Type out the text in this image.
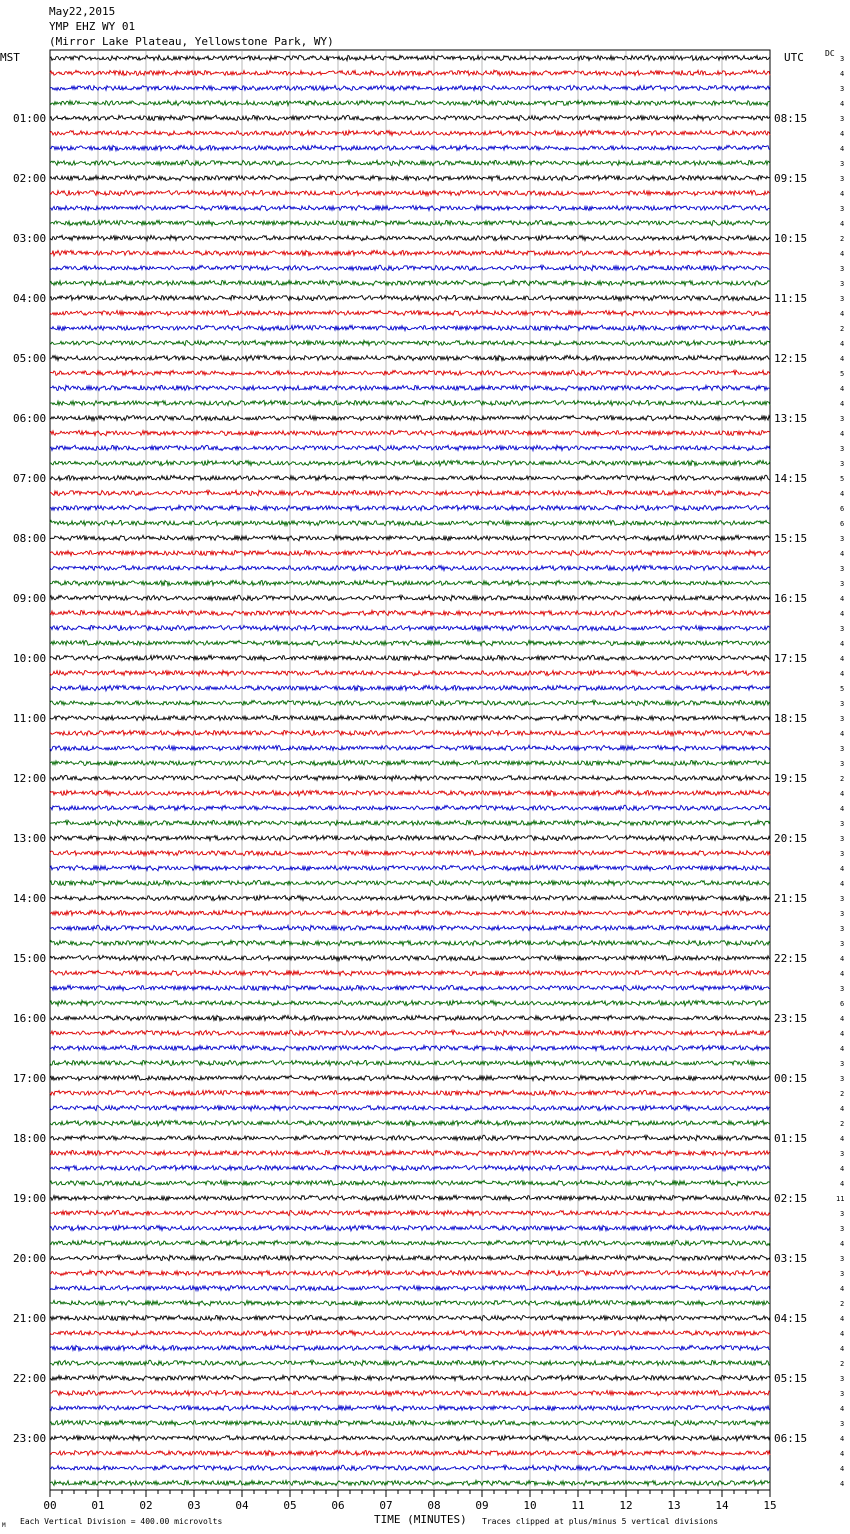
May22,2015
YMP EHZ WY 01
(Mirror Lake Plateau, Yellowstone Park, WY)
MST	UTC	DC
01:00
02:00
03:00
04:00
05:00
06:00
07:00
08:00
09:00
10:00
11:00
12:00
13:00
14:00
15:00
16:00
17:00
18:00
19:00
20:00
21:00
22:00
23:00
08:15
09:15
10:15
11:15
12:15
13:15
14:15
15:15
16:15
17:15
18:15
19:15
20:15
21:15
22:15
23:15
00:15
01:15
02:15
03:15
04:15
05:15
06:15
3
4
3
4
3
4
4
3
3
4
3
4
2
4
3
3
3
4
2
4
4
5
4
4
3
4
3
3
5
4
6
6
3
4
3
3
4
4
3
4
4
4
5
3
3
4
3
3
2
4
4
3
3
3
4
4
3
3
3
3
4
4
3
6
4
4
4
3
3
2
4
2
4
3
4
4
11
3
3
4
3
3
4
2
4
4
4
2
3
3
4
3
4
4
4
4
00	01	02	03	04	05	06	07	08	09	10	11	12	13	14	15
TIME (MINUTES)
Each Vertical Division = 400.00 microvolts	Traces clipped at plus/minus 5 vertical divisions
M
